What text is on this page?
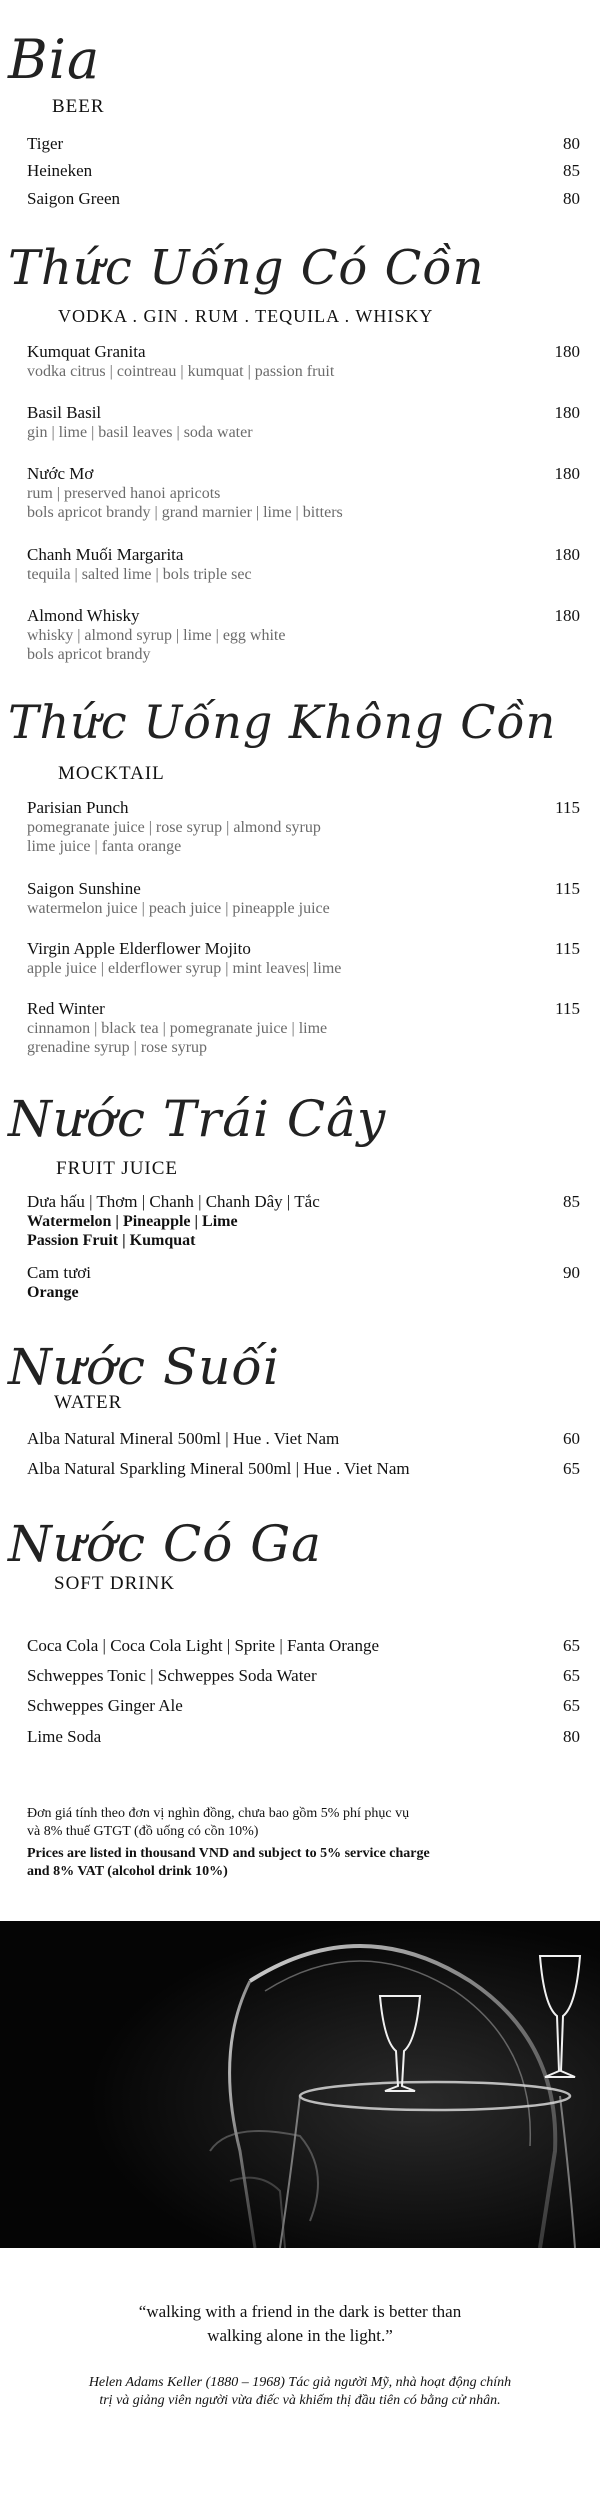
Bia
BEER
Tiger	80
Heineken	85
Saigon Green	80
Thức Uống Có Cồn
VODKA . GIN . RUM . TEQUILA . WHISKY
Kumquat Granita	180
vodka citrus | cointreau | kumquat | passion fruit
Basil Basil	180
gin | lime | basil leaves | soda water
Nước Mơ	180
rum | preserved hanoi apricots
bols apricot brandy | grand marnier | lime | bitters
Chanh Muối Margarita	180
tequila | salted lime | bols triple sec
Almond Whisky	180
whisky | almond syrup | lime | egg white
bols apricot brandy
Thức Uống Không Cồn
MOCKTAIL
Parisian Punch	115
pomegranate juice | rose syrup | almond syrup
lime juice | fanta orange
Saigon Sunshine	115
watermelon juice | peach juice | pineapple juice
Virgin Apple Elderflower Mojito	115
apple juice | elderflower syrup | mint leaves| lime
Red Winter	115
cinnamon | black tea | pomegranate juice | lime
grenadine syrup | rose syrup
Nước Trái Cây
FRUIT JUICE
Dưa hấu | Thơm | Chanh | Chanh Dây | Tắc	85
Watermelon | Pineapple | Lime
Passion Fruit | Kumquat
Cam tươi	90
Orange
Nước Suối
WATER
Alba Natural Mineral 500ml | Hue . Viet Nam	60
Alba Natural Sparkling Mineral 500ml | Hue . Viet Nam	65
Nước Có Ga
SOFT DRINK
Coca Cola | Coca Cola Light | Sprite | Fanta Orange	65
Schweppes Tonic | Schweppes Soda Water	65
Schweppes Ginger Ale	65
Lime Soda	80
Đơn giá tính theo đơn vị nghìn đồng, chưa bao gồm 5% phí phục vụ
và 8% thuế GTGT (đồ uống có cồn 10%)
Prices are listed in thousand VND and subject to 5% service charge
and 8% VAT (alcohol drink 10%)
“walking with a friend in the dark is better than
walking alone in the light.”
Helen Adams Keller (1880 – 1968) Tác giả người Mỹ, nhà hoạt động chính
trị và giảng viên người vừa điếc và khiếm thị đầu tiên có bằng cử nhân.
